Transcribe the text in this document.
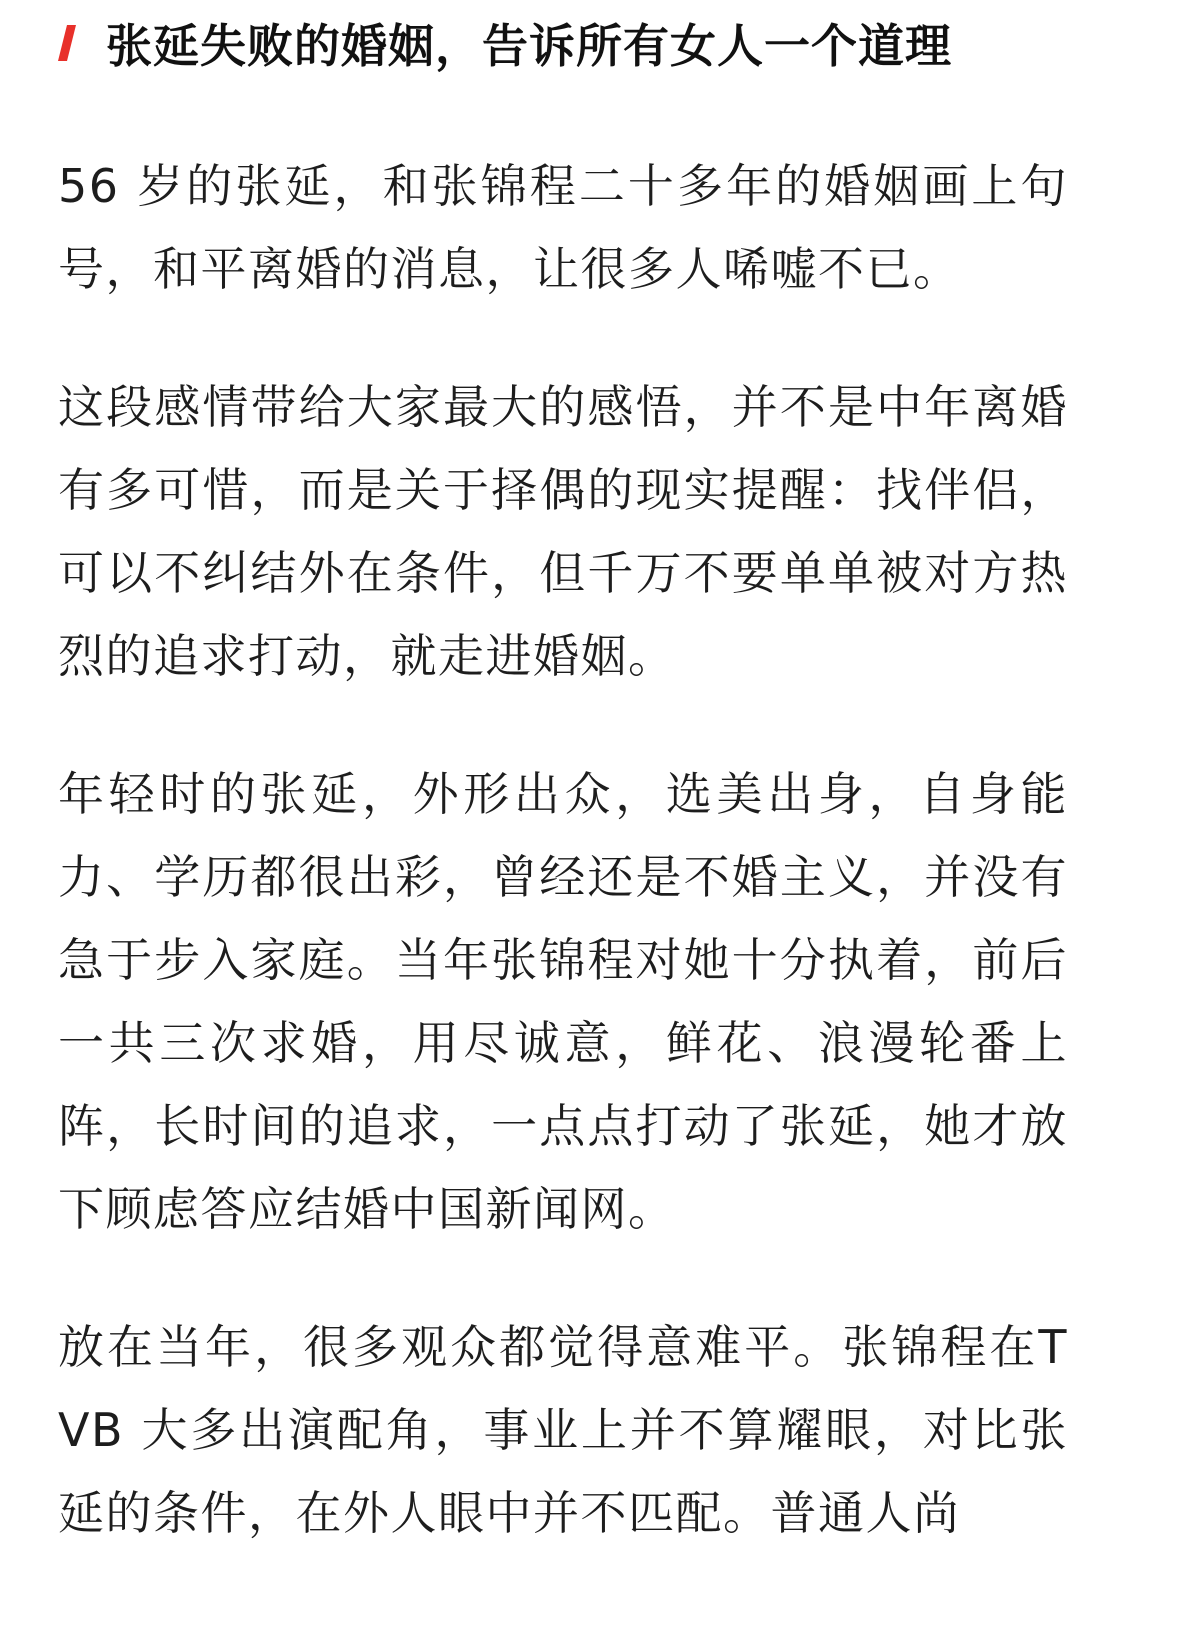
张延失败的婚姻，告诉所有女人一个道理

56 岁的张延，和张锦程二十多年的婚姻画上句号，和平离婚的消息，让很多人唏嘘不已。

这段感情带给大家最大的感悟，并不是中年离婚有多可惜，而是关于择偶的现实提醒：找伴侣，可以不纠结外在条件，但千万不要单单被对方热烈的追求打动，就走进婚姻。

年轻时的张延，外形出众，选美出身，自身能力、学历都很出彩，曾经还是不婚主义，并没有急于步入家庭。当年张锦程对她十分执着，前后一共三次求婚，用尽诚意，鲜花、浪漫轮番上阵，长时间的追求，一点点打动了张延，她才放下顾虑答应结婚中国新闻网。

放在当年，很多观众都觉得意难平。张锦程在TVB 大多出演配角，事业上并不算耀眼，对比张延的条件，在外人眼中并不匹配。普通人尚
